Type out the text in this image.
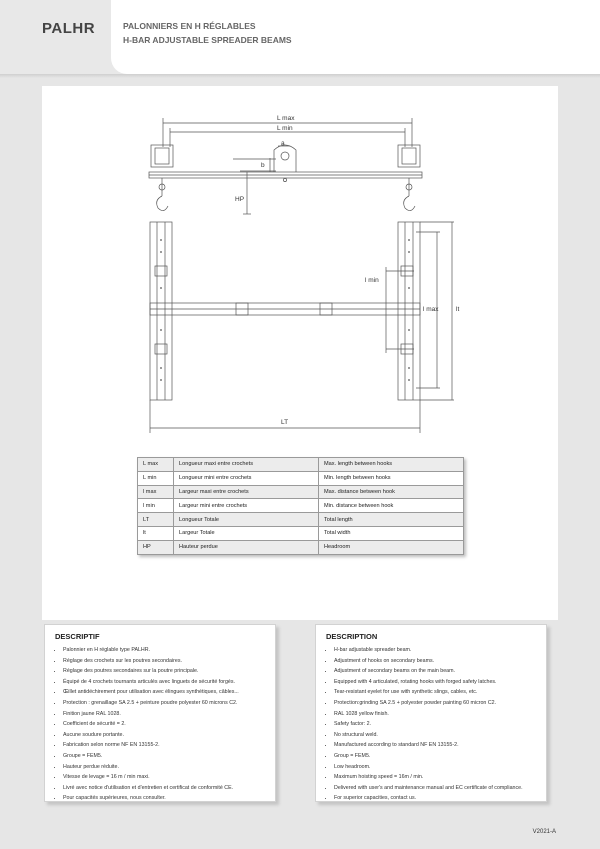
PALHR	PALONNIERS EN H RÉGLABLES
H-BAR ADJUSTABLE SPREADER BEAMS
L max
L min
a
b
HP
l min
l max	lt
LT
L max	Longueur maxi entre crochets	Max. length between hooks
L min	Longueur mini entre crochets	Min. length between hooks
l max	Largeur maxi entre crochets	Max. distance between hook
l min	Largeur mini entre crochets	Min. distance between hook
LT	Longueur Totale	Total length
lt	Largeur Totale	Total width
HP	Hauteur perdue	Headroom
DESCRIPTIF
• Palonnier en H réglable type PALHR.
• Réglage des crochets sur les poutres secondaires.
• Réglage des poutres secondaires sur la poutre principale.
• Équipé de 4 crochets tournants articulés avec linguets de sécurité forgés.
• Œillet antidéchirement pour utilisation avec élingues synthétiques, câbles...
• Protection : grenaillage SA 2.5 + peinture poudre polyester 60 microns C2.
• Finition jaune RAL 1028.
• Coefficient de sécurité = 2.
• Aucune soudure portante.
• Fabrication selon norme NF EN 13155-2.
• Groupe = FEM5.
• Hauteur perdue réduite.
• Vitesse de levage = 16 m / min maxi.
• Livré avec notice d'utilisation et d'entretien et certificat de conformité CE.
• Pour capacités supérieures, nous consulter.
DESCRIPTION
• H-bar adjustable spreader beam.
• Adjustment of hooks on secondary beams.
• Adjustment of secondary beams on the main beam.
• Equipped with 4 articulated, rotating hooks with forged safety latches.
• Tear-resistant eyelet for use with synthetic slings, cables, etc.
• Protection:grinding SA 2.5 + polyester powder painting 60 micron C2.
• RAL 1028 yellow finish.
• Safety factor: 2.
• No structural weld.
• Manufactured according to standard NF EN 13155-2.
• Group = FEM5.
• Low headroom.
• Maximum hoisting speed = 16m / min.
• Delivered with user's and maintenance manual and EC certificate of compliance.
• For superior capacities, contact us.
V2021-A
